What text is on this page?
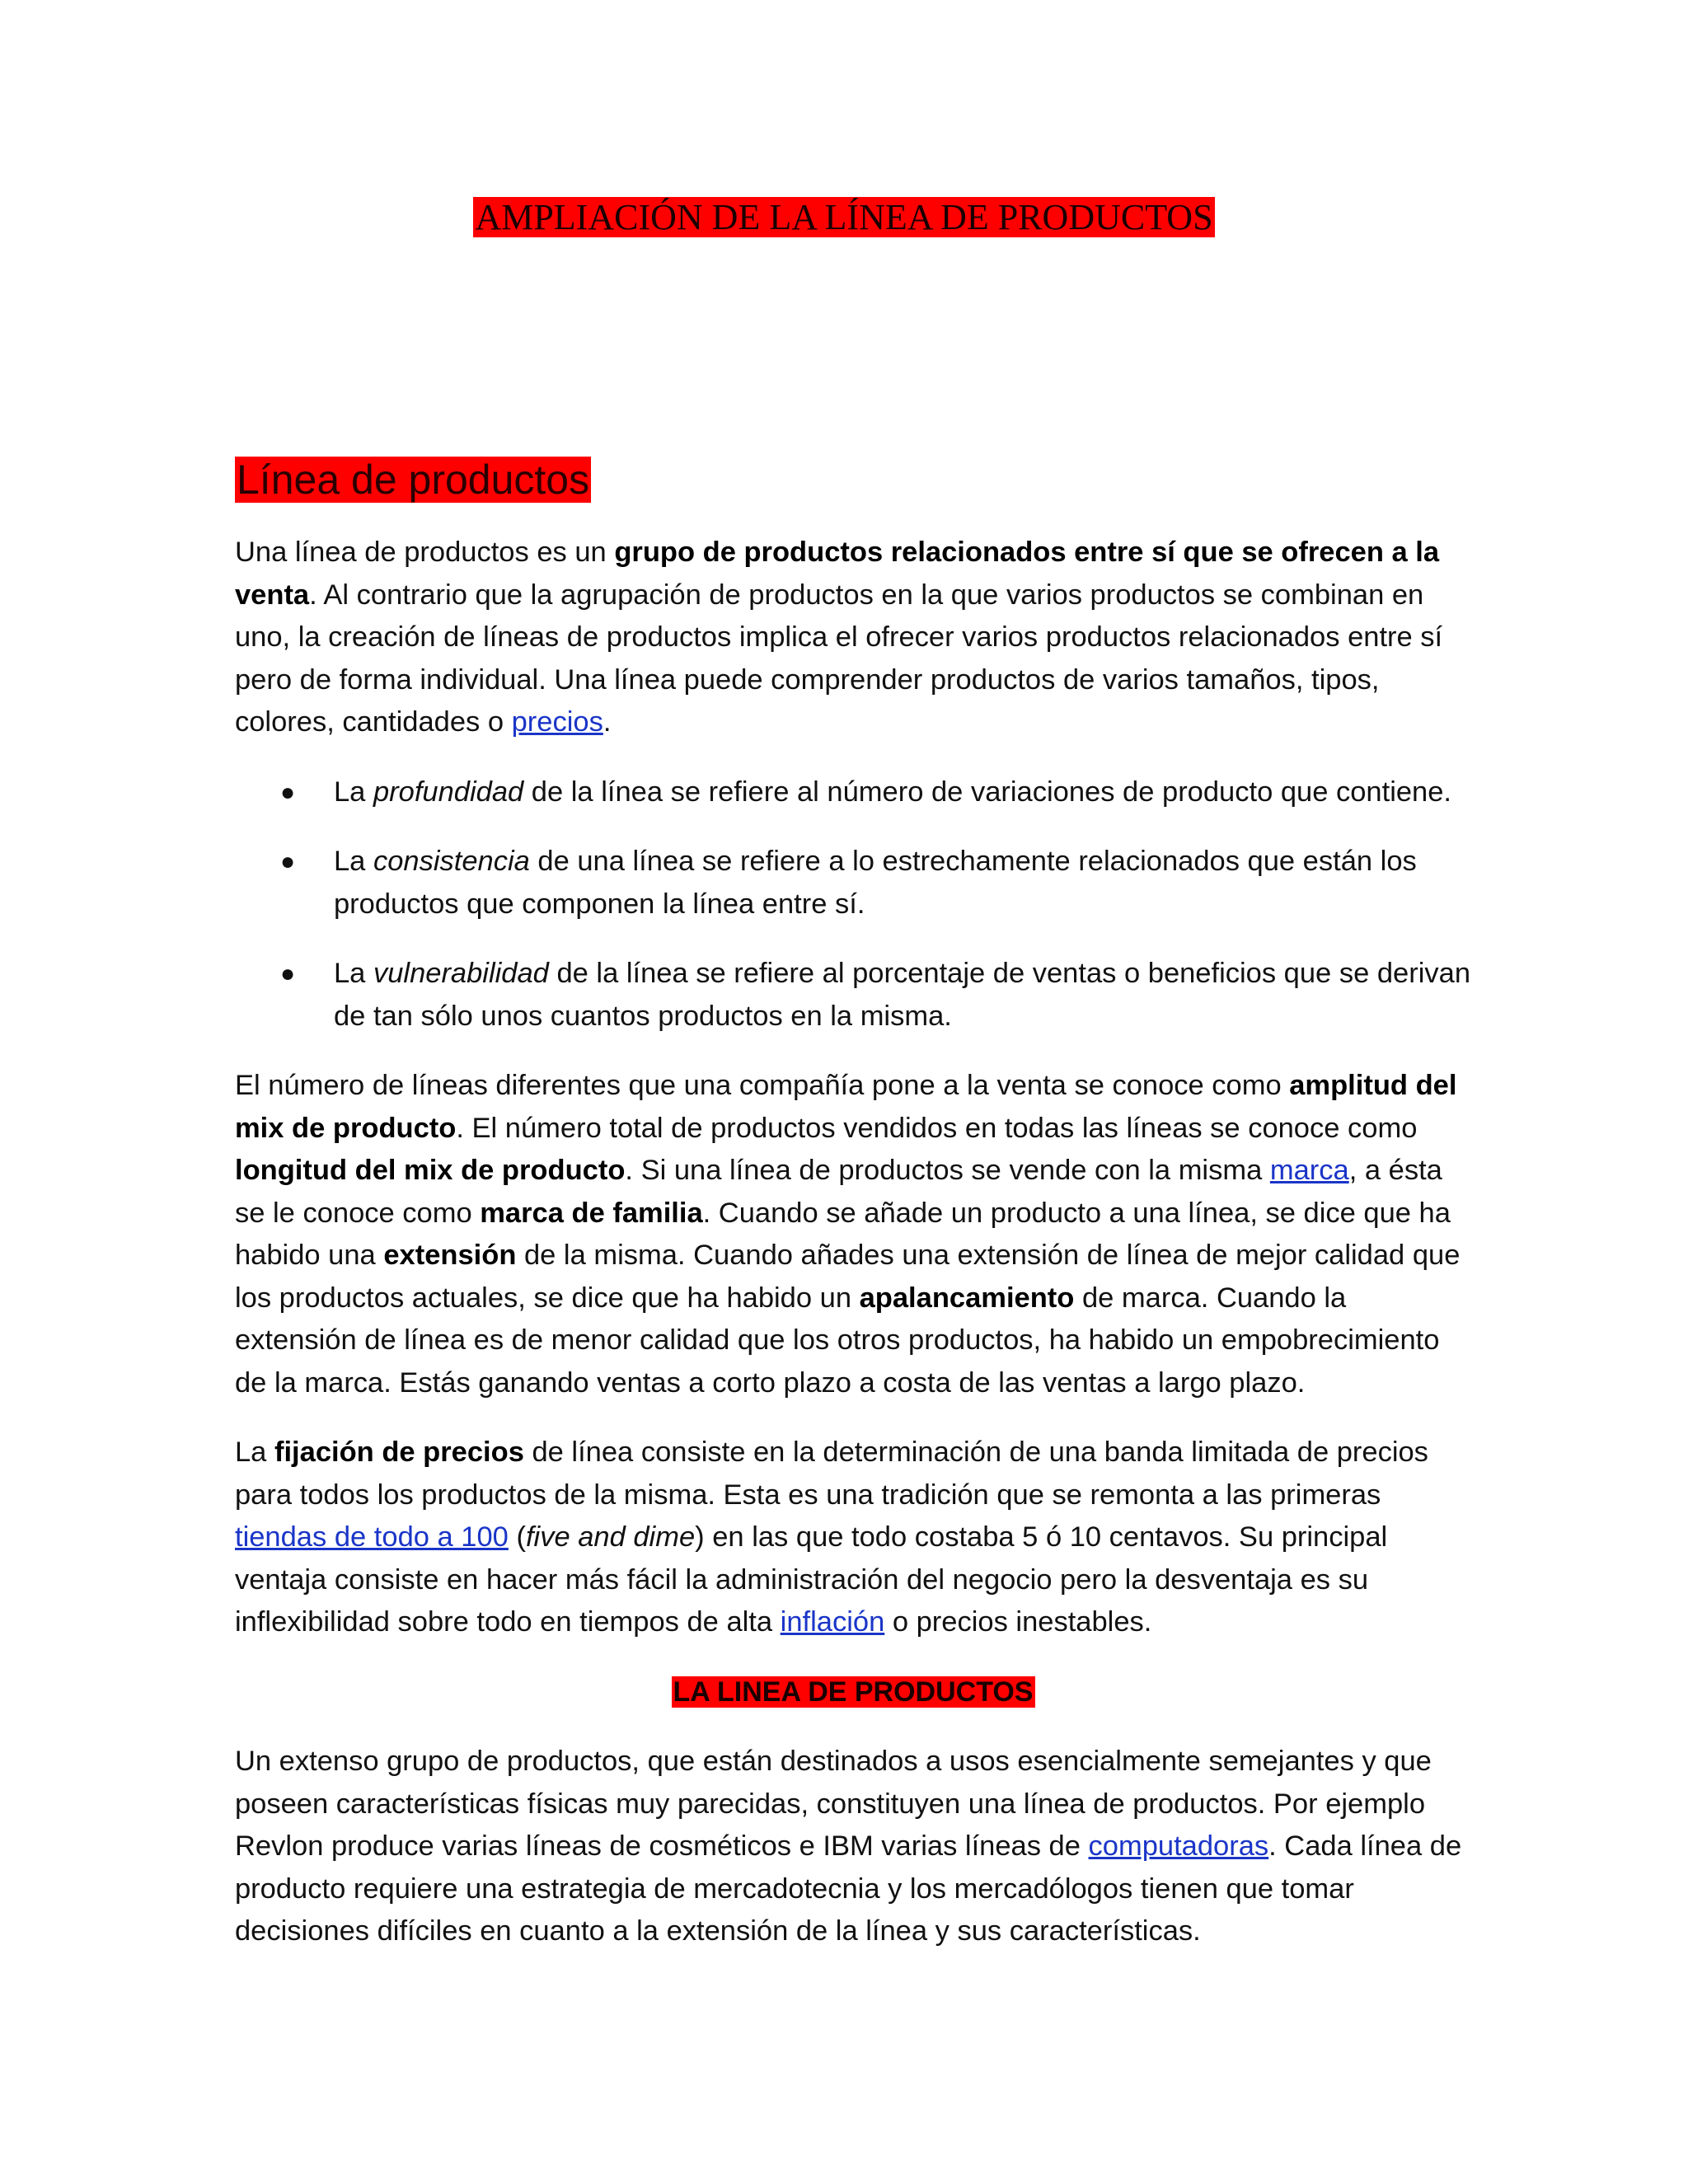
AMPLIACIÓN DE LA LÍNEA DE PRODUCTOS
Línea de productos

Una línea de productos es un grupo de productos relacionados entre sí que se ofrecen a la venta. Al contrario que la agrupación de productos en la que varios productos se combinan en uno, la creación de líneas de productos implica el ofrecer varios productos relacionados entre sí pero de forma individual. Una línea puede comprender productos de varios tamaños, tipos, colores, cantidades o precios.

● La profundidad de la línea se refiere al número de variaciones de producto que contiene.
● La consistencia de una línea se refiere a lo estrechamente relacionados que están los productos que componen la línea entre sí.
● La vulnerabilidad de la línea se refiere al porcentaje de ventas o beneficios que se derivan de tan sólo unos cuantos productos en la misma.

El número de líneas diferentes que una compañía pone a la venta se conoce como amplitud del mix de producto. El número total de productos vendidos en todas las líneas se conoce como longitud del mix de producto. Si una línea de productos se vende con la misma marca, a ésta se le conoce como marca de familia. Cuando se añade un producto a una línea, se dice que ha habido una extensión de la misma. Cuando añades una extensión de línea de mejor calidad que los productos actuales, se dice que ha habido un apalancamiento de marca. Cuando la extensión de línea es de menor calidad que los otros productos, ha habido un empobrecimiento de la marca. Estás ganando ventas a corto plazo a costa de las ventas a largo plazo.

La fijación de precios de línea consiste en la determinación de una banda limitada de precios para todos los productos de la misma. Esta es una tradición que se remonta a las primeras tiendas de todo a 100 (five and dime) en las que todo costaba 5 ó 10 centavos. Su principal ventaja consiste en hacer más fácil la administración del negocio pero la desventaja es su inflexibilidad sobre todo en tiempos de alta inflación o precios inestables.

LA LINEA DE PRODUCTOS

Un extenso grupo de productos, que están destinados a usos esencialmente semejantes y que poseen características físicas muy parecidas, constituyen una línea de productos. Por ejemplo Revlon produce varias líneas de cosméticos e IBM varias líneas de computadoras. Cada línea de producto requiere una estrategia de mercadotecnia y los mercadólogos tienen que tomar decisiones difíciles en cuanto a la extensión de la línea y sus características.
